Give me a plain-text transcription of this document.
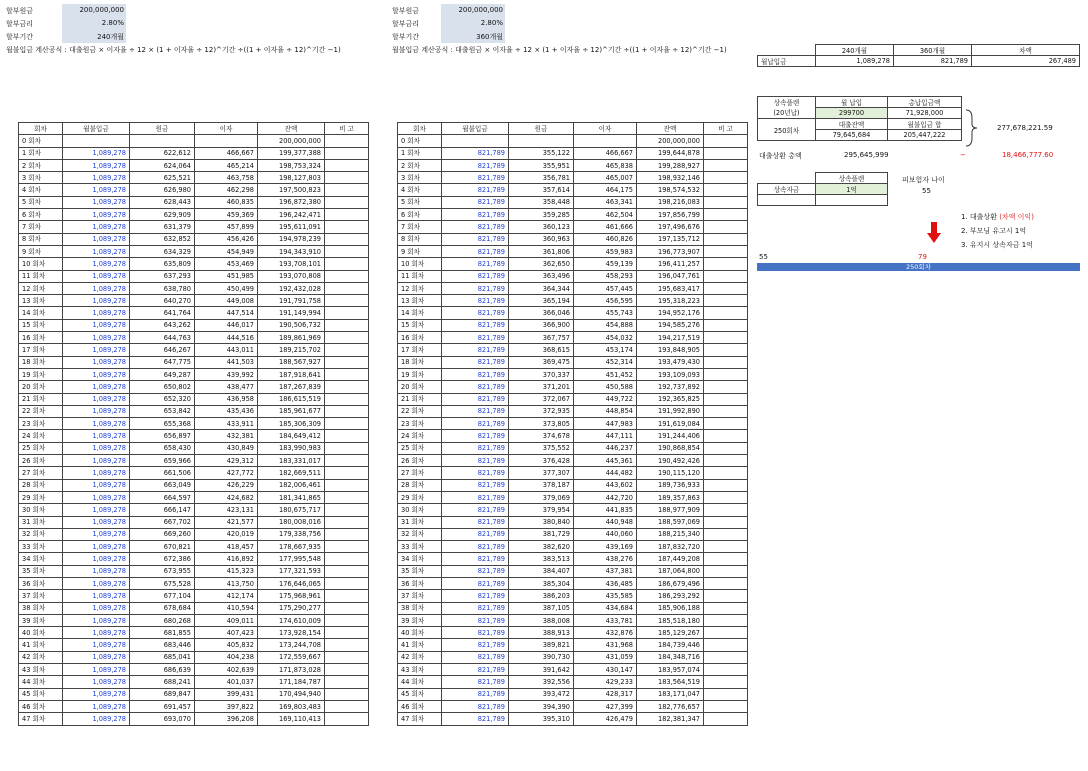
할부원금
할부금리
할부기간
200,000,000
2.80%
240개월
월불입금 계산공식 : 대출원금 × 이자율 ÷ 12 × (1 + 이자율 ÷ 12)^기간 ÷((1 + 이자율 ÷ 12)^기간 −1)
할부원금
할부금리
할부기간
200,000,000
2.80%
360개월
월불입금 계산공식 : 대출원금 × 이자율 ÷ 12 × (1 + 이자율 ÷ 12)^기간 ÷((1 + 이자율 ÷ 12)^기간 −1)
회차	월불입금	원금	이자	잔액	비 고
0 회차				200,000,000	
1 회차	1,089,278	622,612	466,667	199,377,388	
2 회차	1,089,278	624,064	465,214	198,753,324	
3 회차	1,089,278	625,521	463,758	198,127,803	
4 회차	1,089,278	626,980	462,298	197,500,823	
5 회차	1,089,278	628,443	460,835	196,872,380	
6 회차	1,089,278	629,909	459,369	196,242,471	
7 회차	1,089,278	631,379	457,899	195,611,091	
8 회차	1,089,278	632,852	456,426	194,978,239	
9 회차	1,089,278	634,329	454,949	194,343,910	
10 회차	1,089,278	635,809	453,469	193,708,101	
11 회차	1,089,278	637,293	451,985	193,070,808	
12 회차	1,089,278	638,780	450,499	192,432,028	
13 회차	1,089,278	640,270	449,008	191,791,758	
14 회차	1,089,278	641,764	447,514	191,149,994	
15 회차	1,089,278	643,262	446,017	190,506,732	
16 회차	1,089,278	644,763	444,516	189,861,969	
17 회차	1,089,278	646,267	443,011	189,215,702	
18 회차	1,089,278	647,775	441,503	188,567,927	
19 회차	1,089,278	649,287	439,992	187,918,641	
20 회차	1,089,278	650,802	438,477	187,267,839	
21 회차	1,089,278	652,320	436,958	186,615,519	
22 회차	1,089,278	653,842	435,436	185,961,677	
23 회차	1,089,278	655,368	433,911	185,306,309	
24 회차	1,089,278	656,897	432,381	184,649,412	
25 회차	1,089,278	658,430	430,849	183,990,983	
26 회차	1,089,278	659,966	429,312	183,331,017	
27 회차	1,089,278	661,506	427,772	182,669,511	
28 회차	1,089,278	663,049	426,229	182,006,461	
29 회차	1,089,278	664,597	424,682	181,341,865	
30 회차	1,089,278	666,147	423,131	180,675,717	
31 회차	1,089,278	667,702	421,577	180,008,016	
32 회차	1,089,278	669,260	420,019	179,338,756	
33 회차	1,089,278	670,821	418,457	178,667,935	
34 회차	1,089,278	672,386	416,892	177,995,548	
35 회차	1,089,278	673,955	415,323	177,321,593	
36 회차	1,089,278	675,528	413,750	176,646,065	
37 회차	1,089,278	677,104	412,174	175,968,961	
38 회차	1,089,278	678,684	410,594	175,290,277	
39 회차	1,089,278	680,268	409,011	174,610,009	
40 회차	1,089,278	681,855	407,423	173,928,154	
41 회차	1,089,278	683,446	405,832	173,244,708	
42 회차	1,089,278	685,041	404,238	172,559,667	
43 회차	1,089,278	686,639	402,639	171,873,028	
44 회차	1,089,278	688,241	401,037	171,184,787	
45 회차	1,089,278	689,847	399,431	170,494,940	
46 회차	1,089,278	691,457	397,822	169,803,483	
47 회차	1,089,278	693,070	396,208	169,110,413	
회차	월불입금	원금	이자	잔액	비 고
0 회차				200,000,000	
1 회차	821,789	355,122	466,667	199,644,878	
2 회차	821,789	355,951	465,838	199,288,927	
3 회차	821,789	356,781	465,007	198,932,146	
4 회차	821,789	357,614	464,175	198,574,532	
5 회차	821,789	358,448	463,341	198,216,083	
6 회차	821,789	359,285	462,504	197,856,799	
7 회차	821,789	360,123	461,666	197,496,676	
8 회차	821,789	360,963	460,826	197,135,712	
9 회차	821,789	361,806	459,983	196,773,907	
10 회차	821,789	362,650	459,139	196,411,257	
11 회차	821,789	363,496	458,293	196,047,761	
12 회차	821,789	364,344	457,445	195,683,417	
13 회차	821,789	365,194	456,595	195,318,223	
14 회차	821,789	366,046	455,743	194,952,176	
15 회차	821,789	366,900	454,888	194,585,276	
16 회차	821,789	367,757	454,032	194,217,519	
17 회차	821,789	368,615	453,174	193,848,905	
18 회차	821,789	369,475	452,314	193,479,430	
19 회차	821,789	370,337	451,452	193,109,093	
20 회차	821,789	371,201	450,588	192,737,892	
21 회차	821,789	372,067	449,722	192,365,825	
22 회차	821,789	372,935	448,854	191,992,890	
23 회차	821,789	373,805	447,983	191,619,084	
24 회차	821,789	374,678	447,111	191,244,406	
25 회차	821,789	375,552	446,237	190,868,854	
26 회차	821,789	376,428	445,361	190,492,426	
27 회차	821,789	377,307	444,482	190,115,120	
28 회차	821,789	378,187	443,602	189,736,933	
29 회차	821,789	379,069	442,720	189,357,863	
30 회차	821,789	379,954	441,835	188,977,909	
31 회차	821,789	380,840	440,948	188,597,069	
32 회차	821,789	381,729	440,060	188,215,340	
33 회차	821,789	382,620	439,169	187,832,720	
34 회차	821,789	383,513	438,276	187,449,208	
35 회차	821,789	384,407	437,381	187,064,800	
36 회차	821,789	385,304	436,485	186,679,496	
37 회차	821,789	386,203	435,585	186,293,292	
38 회차	821,789	387,105	434,684	185,906,188	
39 회차	821,789	388,008	433,781	185,518,180	
40 회차	821,789	388,913	432,876	185,129,267	
41 회차	821,789	389,821	431,968	184,739,446	
42 회차	821,789	390,730	431,059	184,348,716	
43 회차	821,789	391,642	430,147	183,957,074	
44 회차	821,789	392,556	429,233	183,564,519	
45 회차	821,789	393,472	428,317	183,171,047	
46 회차	821,789	394,390	427,399	182,776,657	
47 회차	821,789	395,310	426,479	182,381,347	
	240개월	360개월	차액
월납입금	1,089,278	821,789	267,489
상속플랜
(20년납)	월 납입	총납입금액
	299700	71,928,000
250회차	대출잔액	월불입금 합
	79,645,684	205,447,222
277,678,221.59
대출상환 총액	295,645,999	−	18,466,777.60
	상속플랜
상속자금	1억

피보험자 나이
55
1. 대출상환 (차액 이익)
2. 부모님 유고시 1억
3. 유지시 상속자금 1억
55	79
250회차
